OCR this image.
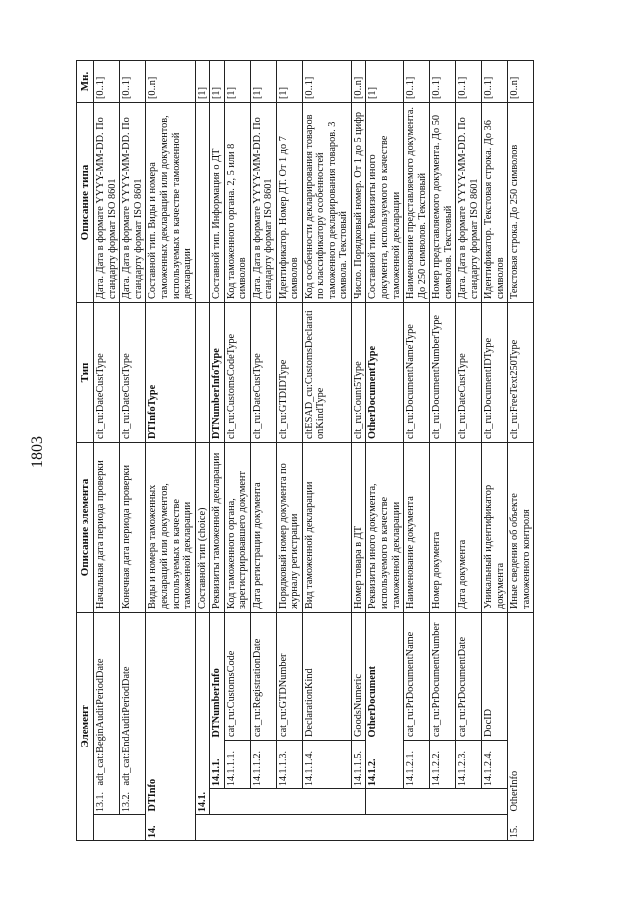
1803
Элемент				Описание элемента	Тип	Описание типа	Мн.
	13.1.	adt_cat:BeginAuditPeriodDate		Начальная дата периода проверки	clt_ru:DateCustType	Дата. Дата в формате YYYY-MM-DD. По стандарту формат ISO 8601	[0..1]
	13.2.	adt_cat:EndAuditPeriodDate		Конечная дата периода проверки	clt_ru:DateCustType	Дата. Дата в формате YYYY-MM-DD. По стандарту формат ISO 8601	[0..1]
14.	DTInfo			Виды и номера таможенных деклараций или документов, используемых в качестве таможенной декларации	DTInfoType	Составной тип. Виды и номера таможенных деклараций или документов, используемых в качестве таможенной декларации	[0..n]
	14.1.			Составной тип (choice)			[1]
		14.1.1.	DTNumberInfo	Реквизиты таможенной декларации	DTNumberInfoType	Составной тип. Информация о ДТ	[1]
		14.1.1.1.	cat_ru:CustomsCode	Код таможенного органа, зарегистрировавшего документ	clt_ru:CustomsCodeType	Код таможенного органа. 2, 5 или 8 символов	[1]
		14.1.1.2.	cat_ru:RegistrationDate	Дата регистрации документа	clt_ru:DateCustType	Дата. Дата в формате YYYY-MM-DD. По стандарту формат ISO 8601	[1]
		14.1.1.3.	cat_ru:GTDNumber	Порядковый номер документа по журналу регистрации	clt_ru:GTDIDType	Идентификатор. Номер ДТ. От 1 до 7 символов	[1]
		14.1.1.4.	DeclarationKind	Вид таможенной декларации	cltESAD_cu:CustomsDeclarationKindType	Код особенности декларирования товаров по классификатору особенностей таможенного декларирования товаров. 3 символа. Текстовый	[0..1]
		14.1.1.5.	GoodsNumeric	Номер товара в ДТ	clt_ru:Count5Type	Число. Порядковый номер. От 1 до 5 цифр	[0..n]
		14.1.2.	OtherDocument	Реквизиты иного документа, используемого в качестве таможенной декларации	OtherDocumentType	Составной тип. Реквизиты иного документа, используемого в качестве таможенной декларации	[1]
		14.1.2.1.	cat_ru:PrDocumentName	Наименование документа	clt_ru:DocumentNameType	Наименование представляемого документа. До 250 символов. Текстовый	[0..1]
		14.1.2.2.	cat_ru:PrDocumentNumber	Номер документа	clt_ru:DocumentNumberType	Номер представляемого документа. До 50 символов. Текстовый	[0..1]
		14.1.2.3.	cat_ru:PrDocumentDate	Дата документа	clt_ru:DateCustType	Дата. Дата в формате YYYY-MM-DD. По стандарту формат ISO 8601	[0..1]
		14.1.2.4.	DocID	Уникальный идентификатор документа	clt_ru:DocumentIDType	Идентификатор. Текстовая строка. До 36 символов	[0..1]
15.	OtherInfo			Иные сведения об объекте таможенного контроля	clt_ru:FreeText250Type	Текстовая строка. До 250 символов	[0..n]
